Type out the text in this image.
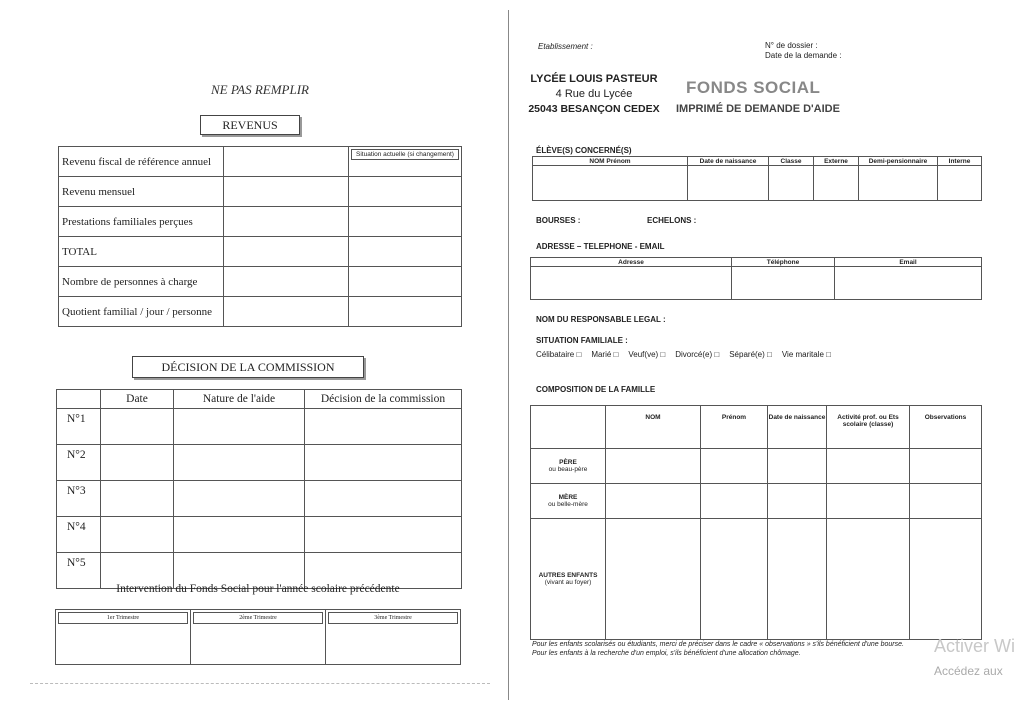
NE PAS REMPLIR
REVENUS
Revenu fiscal de référence annuel		Situation actuelle (si changement)

Revenu mensuel		
Prestations familiales perçues		
TOTAL		
Nombre de personnes à charge		
Quotient familial / jour / personne		
DÉCISION DE LA COMMISSION
	Date	Nature de l'aide	Décision de la commission
N°1			
N°2			
N°3			
N°4			
N°5			
Intervention du Fonds Social pour l'année scolaire précédente
1er Trimestre	2ème Trimestre	3ème Trimestre
Etablissement :	N° de dossier :
Date de la demande :
LYCÉE LOUIS PASTEUR
4 Rue du Lycée
25043 BESANÇON CEDEX
FONDS SOCIAL
IMPRIMÉ DE DEMANDE D'AIDE
ÉLÈVE(S) CONCERNÉ(S)
NOM Prénom	Date de naissance	Classe	Externe	Demi-pensionnaire	Interne

BOURSES :	ECHELONS :
ADRESSE – TELEPHONE - EMAIL
Adresse	Téléphone	Email

NOM DU RESPONSABLE LEGAL :
SITUATION FAMILIALE :
Célibataire □	Marié □	Veuf(ve) □	Divorcé(e) □	Séparé(e) □	Vie maritale □
COMPOSITION DE LA FAMILLE
	NOM	Prénom	Date de naissance	Activité prof. ou Ets scolaire (classe)	Observations

PÈRE
ou beau-père					

MÈRE
ou belle-mère					

AUTRES ENFANTS
(vivant au foyer)					
Pour les enfants scolarisés ou étudiants, merci de préciser dans le cadre « observations » s'ils bénéficient d'une bourse.
Pour les enfants à la recherche d'un emploi, s'ils bénéficient d'une allocation chômage.	Activer Wi
Accédez aux
